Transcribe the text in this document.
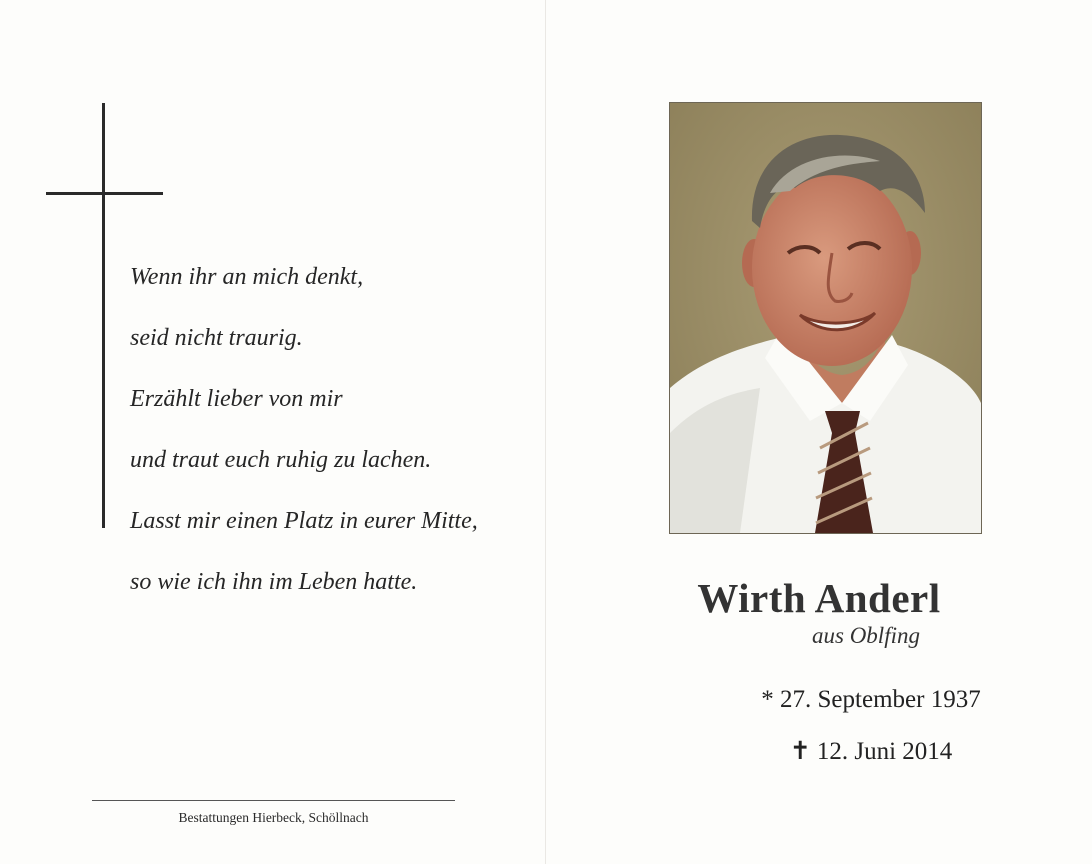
Wenn ihr an mich denkt,
seid nicht traurig.
Erzählt lieber von mir
und traut euch ruhig zu lachen.
Lasst mir einen Platz in eurer Mitte,
so wie ich ihn im Leben hatte.
Bestattungen Hierbeck, Schöllnach
Wirth Anderl
aus Oblfing
* 27. September 1937
✝ 12. Juni 2014
